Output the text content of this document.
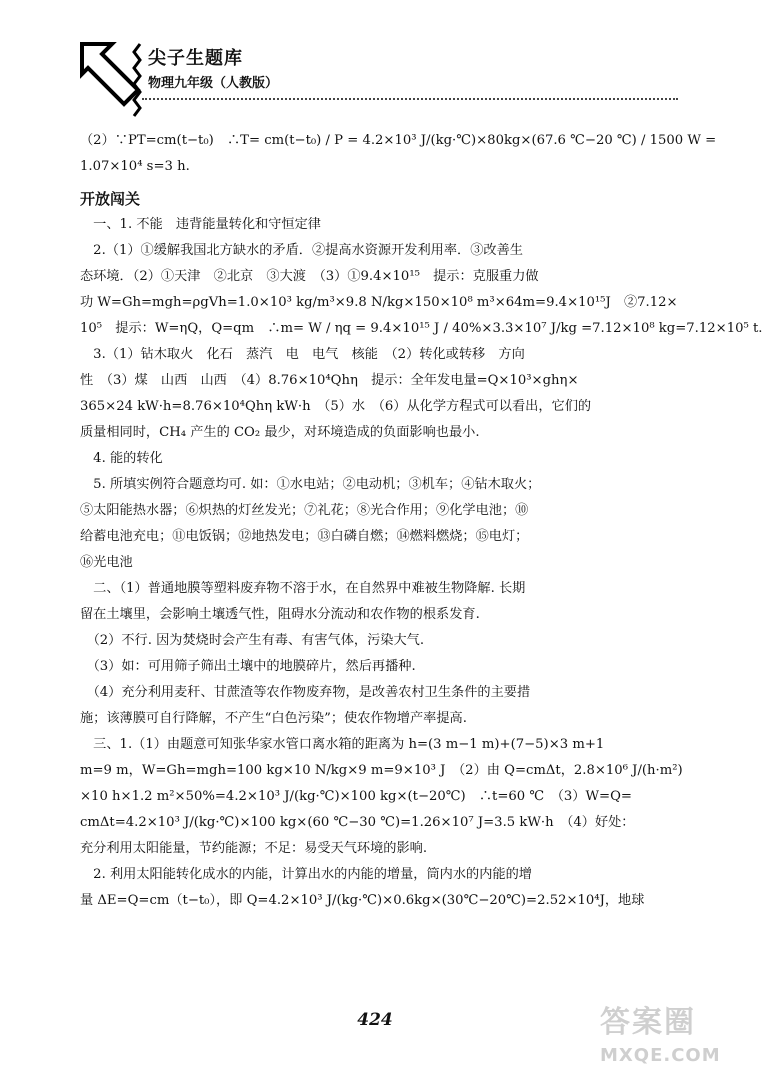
尖子生题库
物理九年级（人教版）
（2）∵PT=cm(t−t₀)　∴T= cm(t−t₀) / P = 4.2×10³ J/(kg·℃)×80kg×(67.6 ℃−20 ℃) / 1500 W =
1.07×10⁴ s=3 h.
开放闯关
　一、1. 不能　违背能量转化和守恒定律
　2.（1）①缓解我国北方缺水的矛盾．②提高水资源开发利用率．③改善生
态环境．（2）①天津　②北京　③大渡　（3）①9.4×10¹⁵　提示：克服重力做
功 W=Gh=mgh=ρgVh=1.0×10³ kg/m³×9.8 N/kg×150×10⁸ m³×64m=9.4×10¹⁵J　②7.12×
10⁵　提示：W=ηQ，Q=qm　∴m= W / ηq = 9.4×10¹⁵ J / 40%×3.3×10⁷ J/kg =7.12×10⁸ kg=7.12×10⁵ t.
　3.（1）钻木取火　化石　蒸汽　电　电气　核能　（2）转化或转移　方向
性　（3）煤　山西　山西　（4）8.76×10⁴Qhη　提示：全年发电量=Q×10³×ghη×
365×24 kW·h=8.76×10⁴Qhη kW·h　（5）水　（6）从化学方程式可以看出，它们的
质量相同时，CH₄ 产生的 CO₂ 最少，对环境造成的负面影响也最小.
　4. 能的转化
　5. 所填实例符合题意均可. 如：①水电站；②电动机；③机车；④钻木取火；
⑤太阳能热水器；⑥炽热的灯丝发光；⑦礼花；⑧光合作用；⑨化学电池；⑩
给蓄电池充电；⑪电饭锅；⑫地热发电；⑬白磷自燃；⑭燃料燃烧；⑮电灯；
⑯光电池
　二、（1）普通地膜等塑料废弃物不溶于水，在自然界中难被生物降解. 长期
留在土壤里，会影响土壤透气性，阻碍水分流动和农作物的根系发育.
　（2）不行. 因为焚烧时会产生有毒、有害气体，污染大气.
　（3）如：可用筛子筛出土壤中的地膜碎片，然后再播种.
　（4）充分利用麦秆、甘蔗渣等农作物废弃物，是改善农村卫生条件的主要措
施；该薄膜可自行降解，不产生“白色污染”；使农作物增产率提高.
　三、1.（1）由题意可知张华家水管口离水箱的距离为 h=(3 m−1 m)+(7−5)×3 m+1
m=9 m，W=Gh=mgh=100 kg×10 N/kg×9 m=9×10³ J　（2）由 Q=cmΔt，2.8×10⁶ J/(h·m²)
×10 h×1.2 m²×50%=4.2×10³ J/(kg·℃)×100 kg×(t−20℃)　∴t=60 ℃　（3）W=Q=
cmΔt=4.2×10³ J/(kg·℃)×100 kg×(60 ℃−30 ℃)=1.26×10⁷ J=3.5 kW·h　（4）好处：
充分利用太阳能量，节约能源；不足：易受天气环境的影响.
　2. 利用太阳能转化成水的内能，计算出水的内能的增量，筒内水的内能的增
量 ΔE=Q=cm（t−t₀），即 Q=4.2×10³ J/(kg·℃)×0.6kg×(30℃−20℃)=2.52×10⁴J，地球
424	答案圈
MXQE.COM
